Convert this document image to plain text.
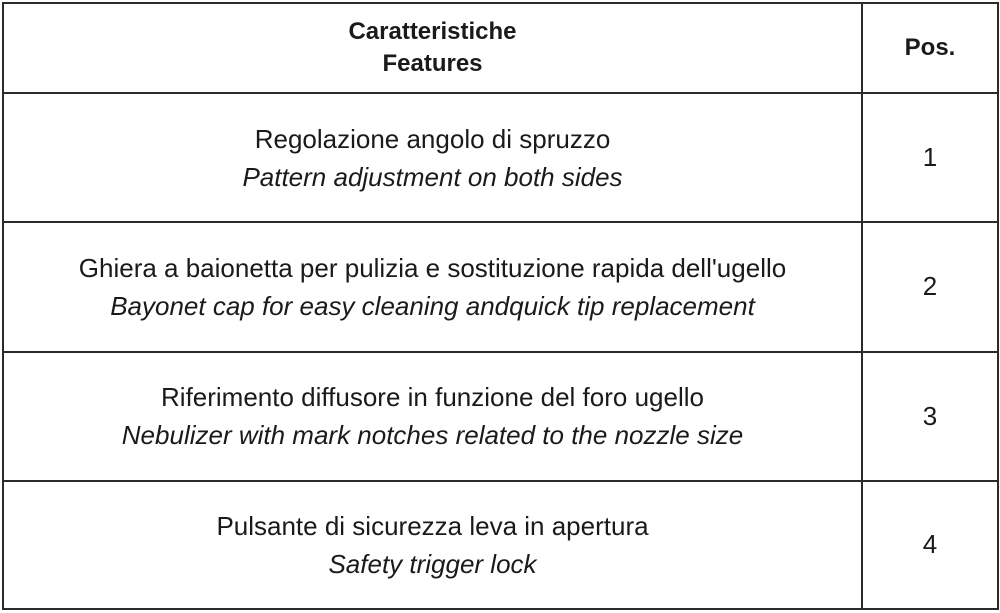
Caratteristiche
Features	Pos.

Regolazione angolo di spruzzo
Pattern adjustment on both sides	1

Ghiera a baionetta per pulizia e sostituzione rapida dell'ugello
Bayonet cap for easy cleaning andquick tip replacement	2

Riferimento diffusore in funzione del foro ugello
Nebulizer with mark notches related to the nozzle size	3

Pulsante di sicurezza leva in apertura
Safety trigger lock	4
